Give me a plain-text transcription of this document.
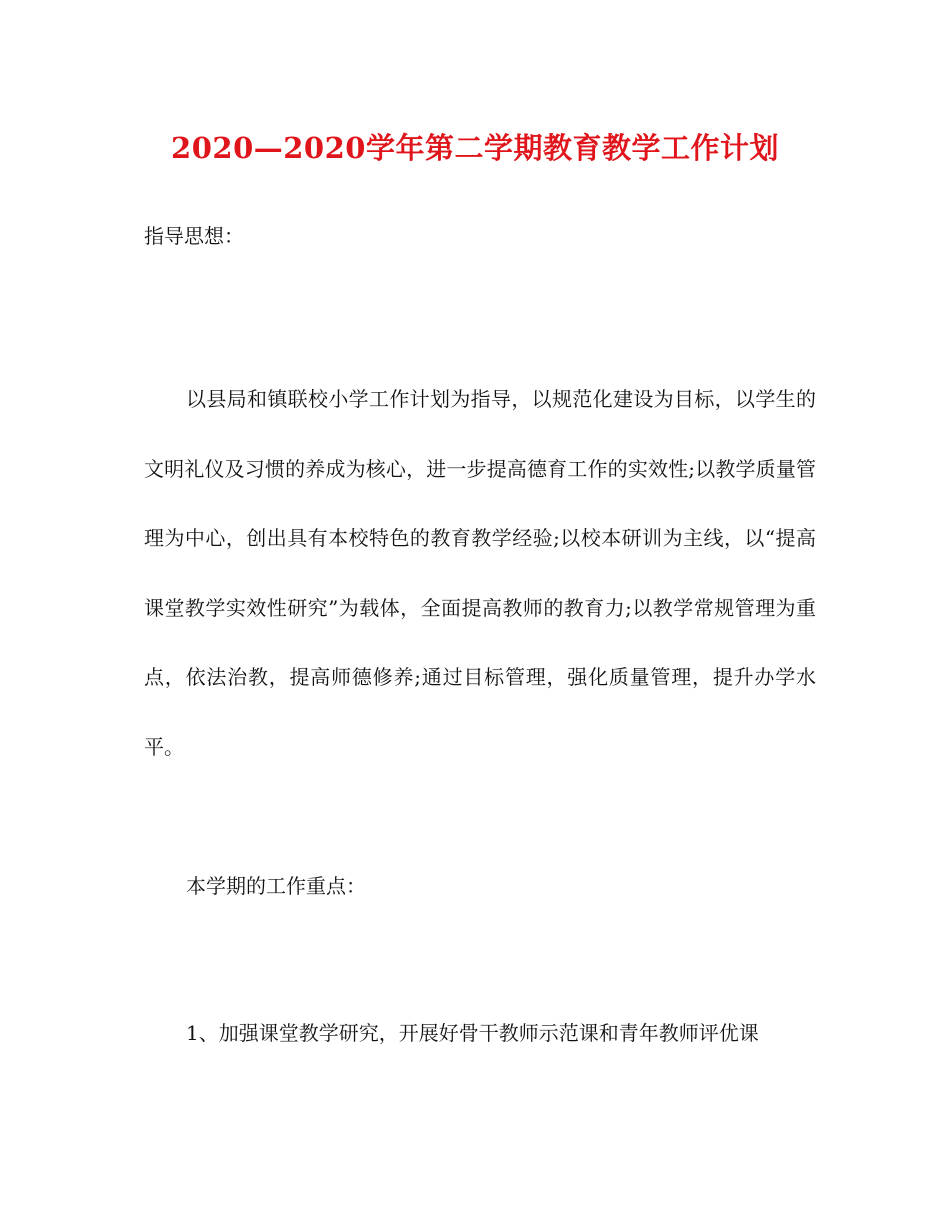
2020—2020学年第二学期教育教学工作计划

指导思想：

以县局和镇联校小学工作计划为指导，以规范化建设为目标，以学生的文明礼仪及习惯的养成为核心，进一步提高德育工作的实效性;以教学质量管理为中心，创出具有本校特色的教育教学经验;以校本研训为主线，以“提高课堂教学实效性研究”为载体，全面提高教师的教育力;以教学常规管理为重点，依法治教，提高师德修养;通过目标管理，强化质量管理，提升办学水平。

本学期的工作重点：

1、加强课堂教学研究，开展好骨干教师示范课和青年教师评优课
